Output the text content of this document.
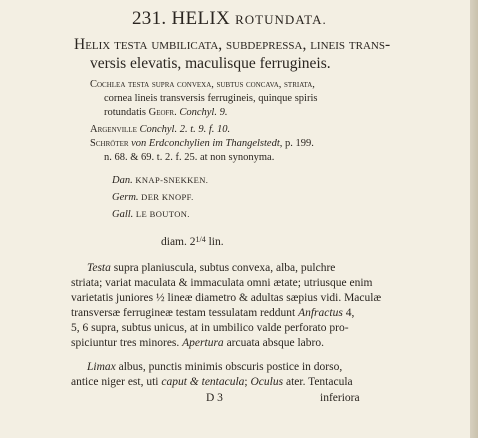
231. HELIX ROTUNDATA.
Helix testa umbilicata, subdepressa, lineis trans-
versis elevatis, maculisque ferrugineis.
Cochlea testa supra convexa, subtus concava, striata,
cornea lineis transversis ferrugineis, quinque spiris
rotundatis Geofr. Conchyl. 9.
Argenville Conchyl. 2. t. 9. f. 10.
Schröter von Erdconchylien im Thangelstedt, p. 199.
n. 68. & 69. t. 2. f. 25. at non synonyma.
Dan. KNAP-SNEKKEN.
Germ. DER KNOPF.
Gall. LE BOUTON.
diam. $2^{1/4}$ lin.
Testa supra planiuscula, subtus convexa, alba, pulchre
striata; variat maculata & immaculata omni ætate; utriusque enim
varietatis juniores ½ lineæ diametro & adultas sæpius vidi. Maculæ
transversæ ferrugineæ testam tessulatam reddunt Anfractus 4,
5, 6 supra, subtus unicus, at in umbilico valde perforato pro-
spiciuntur tres minores. Apertura arcuata absque labro.
Limax albus, punctis minimis obscuris postice in dorso,
antice niger est, uti caput & tentacula; Oculus ater. Tentacula
D 3	inferiora
